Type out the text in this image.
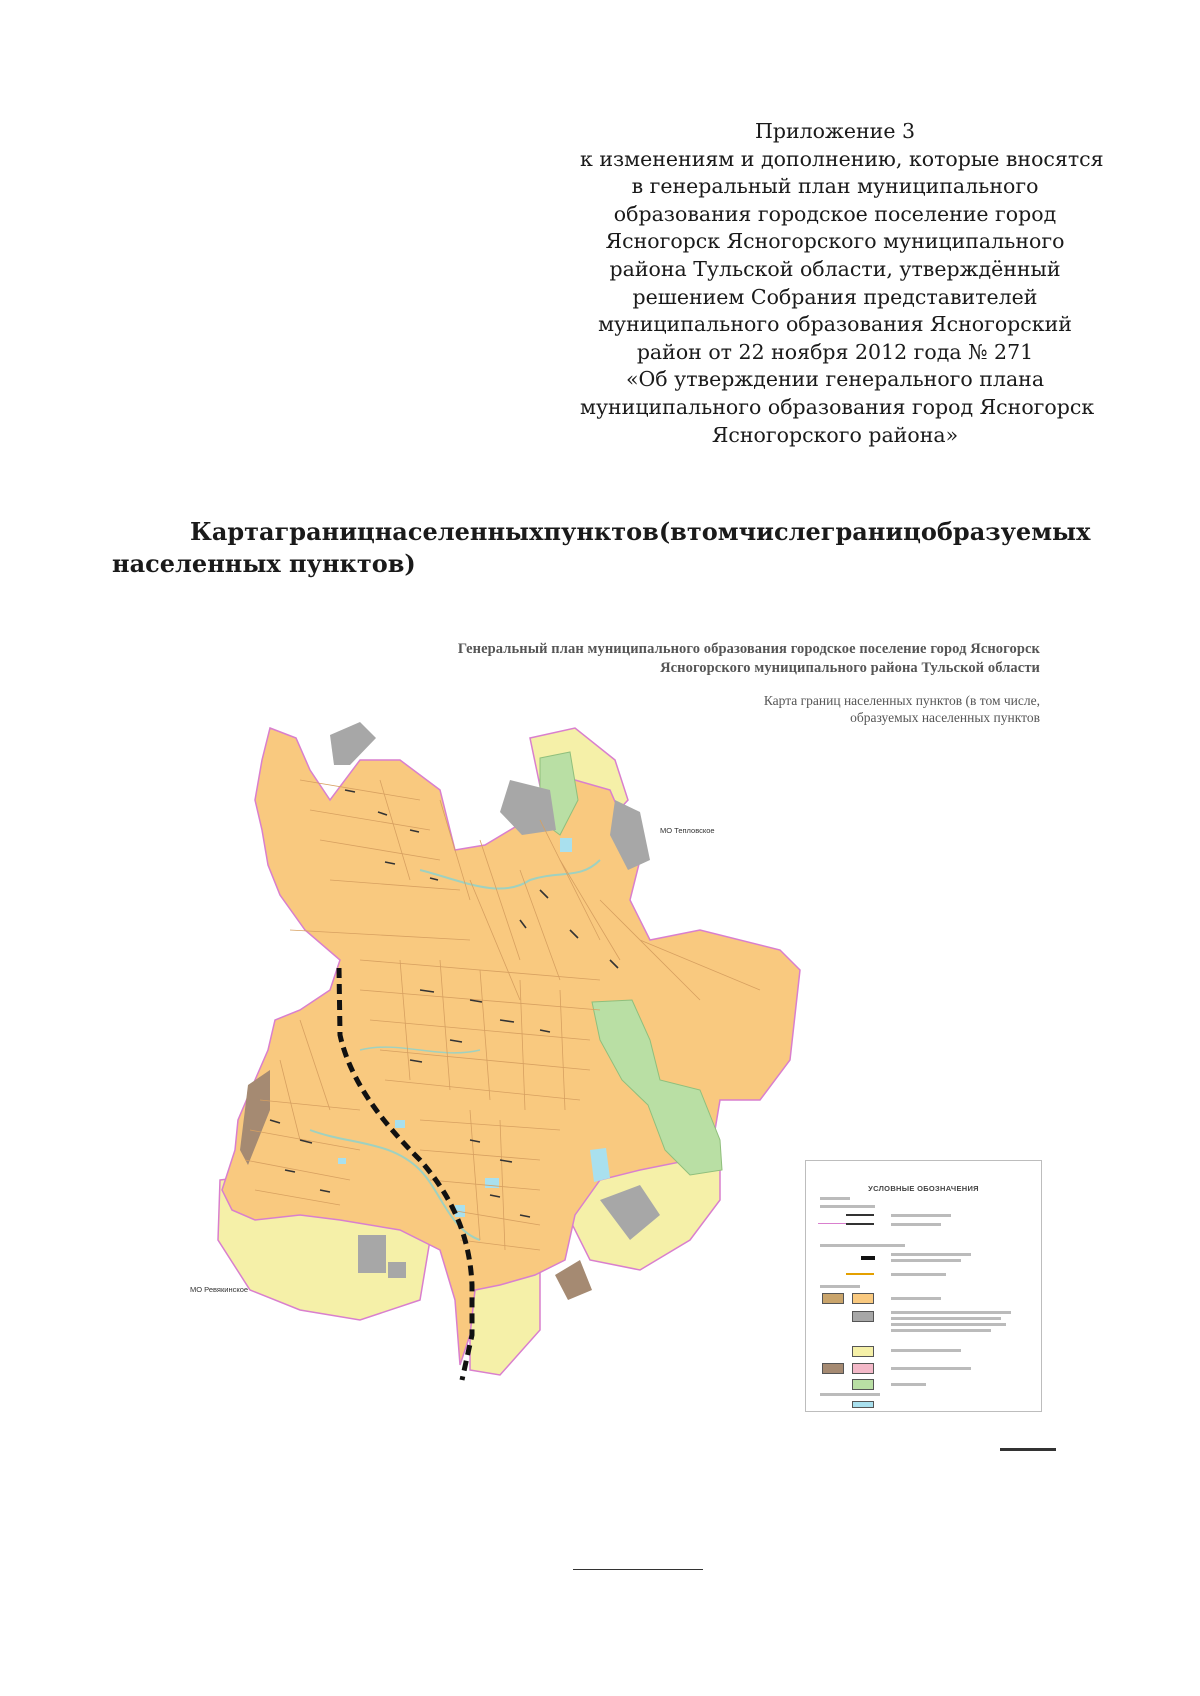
Приложение 3
к изменениям и дополнению, которые вносятся
в генеральный план муниципального
образования городское поселение город
Ясногорск Ясногорского муниципального
района Тульской области, утверждённый
решением Собрания представителей
муниципального образования Ясногорский
район от 22 ноября 2012 года № 271
«Об утверждении генерального плана
муниципального образования город Ясногорск
Ясногорского района»
Карта границ населенных пунктов (в том числе границ образуемых
населенных пунктов)
Генеральный план муниципального образования городское поселение город Ясногорск
Ясногорского муниципального района Тульской области
Карта границ населенных пунктов (в том числе,
образуемых населенных пунктов
МО Тепловское
МО Ревякинское
УСЛОВНЫЕ ОБОЗНАЧЕНИЯ
